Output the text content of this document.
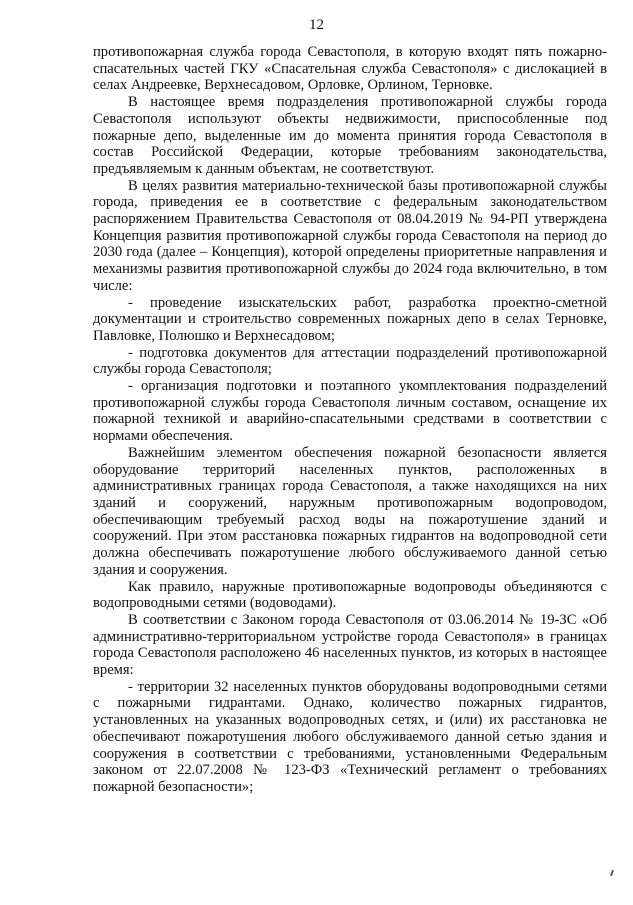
12

противопожарная служба города Севастополя, в которую входят пять пожарно-спасательных частей ГКУ «Спасательная служба Севастополя» с дислокацией в селах Андреевке, Верхнесадовом, Орловке, Орлином, Терновке.

В настоящее время подразделения противопожарной службы города Севастополя используют объекты недвижимости, приспособленные под пожарные депо, выделенные им до момента принятия города Севастополя в состав Российской Федерации, которые требованиям законодательства, предъявляемым к данным объектам, не соответствуют.

В целях развития материально-технической базы противопожарной службы города, приведения ее в соответствие с федеральным законодательством распоряжением Правительства Севастополя от 08.04.2019 № 94-РП утверждена Концепция развития противопожарной службы города Севастополя на период до 2030 года (далее – Концепция), которой определены приоритетные направления и механизмы развития противопожарной службы до 2024 года включительно, в том числе:

- проведение изыскательских работ, разработка проектно-сметной документации и строительство современных пожарных депо в селах Терновке, Павловке, Полюшко и Верхнесадовом;

- подготовка документов для аттестации подразделений противопожарной службы города Севастополя;

- организация подготовки и поэтапного укомплектования подразделений противопожарной службы города Севастополя личным составом, оснащение их пожарной техникой и аварийно-спасательными средствами в соответствии с нормами обеспечения.

Важнейшим элементом обеспечения пожарной безопасности является оборудование территорий населенных пунктов, расположенных в административных границах города Севастополя, а также находящихся на них зданий и сооружений, наружным противопожарным водопроводом, обеспечивающим требуемый расход воды на пожаротушение зданий и сооружений. При этом расстановка пожарных гидрантов на водопроводной сети должна обеспечивать пожаротушение любого обслуживаемого данной сетью здания и сооружения.

Как правило, наружные противопожарные водопроводы объединяются с водопроводными сетями (водоводами).

В соответствии с Законом города Севастополя от 03.06.2014 № 19-ЗС «Об административно-территориальном устройстве города Севастополя» в границах города Севастополя расположено 46 населенных пунктов, из которых в настоящее время:

- территории 32 населенных пунктов оборудованы водопроводными сетями с пожарными гидрантами. Однако, количество пожарных гидрантов, установленных на указанных водопроводных сетях, и (или) их расстановка не обеспечивают пожаротушения любого обслуживаемого данной сетью здания и сооружения в соответствии с требованиями, установленными Федеральным законом от 22.07.2008 № 123-ФЗ «Технический регламент о требованиях пожарной безопасности»;
